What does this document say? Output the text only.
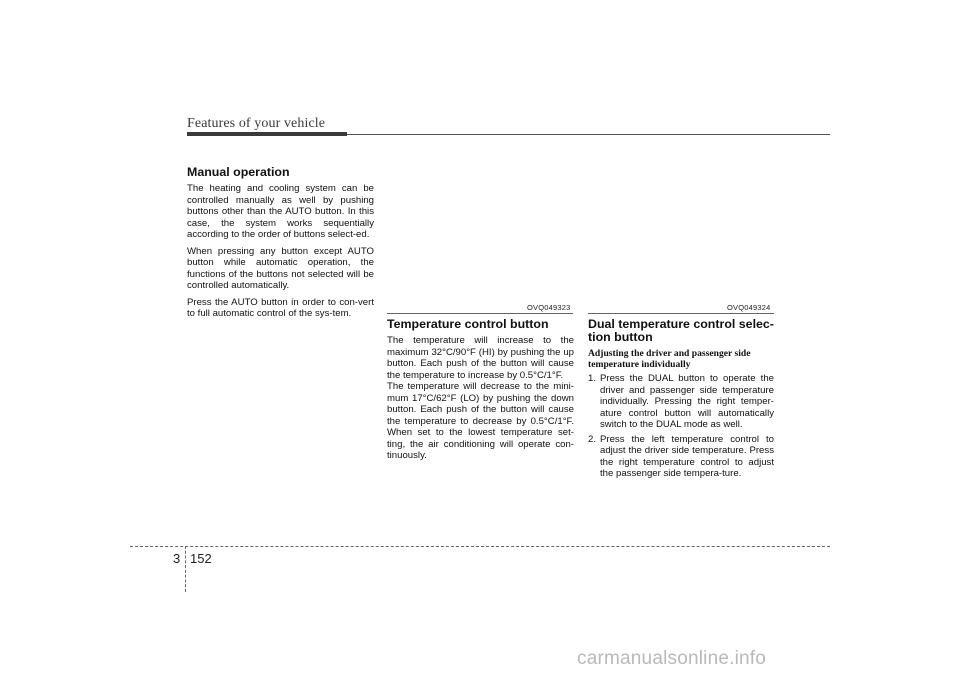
Features of your vehicle
Manual operation

The heating and cooling system can be controlled manually as well by pushing buttons other than the AUTO button. In this case, the system works sequentially according to the order of buttons select-ed.

When pressing any button except AUTO button while automatic operation, the functions of the buttons not selected will be controlled automatically.

Press the AUTO button in order to con-vert to full automatic control of the sys-tem.

OVQ049323	OVQ049324
Temperature control button

The temperature will increase to the maximum 32°C/90°F (HI) by pushing the up button. Each push of the button will cause the temperature to increase by 0.5°C/1°F.

The temperature will decrease to the mini-mum 17°C/62°F (LO) by pushing the down button. Each push of the button will cause the temperature to decrease by 0.5°C/1°F. When set to the lowest temperature set-ting, the air conditioning will operate con-tinuously.

Dual temperature control selec-tion button
Adjusting the driver and passenger side temperature individually
1. Press the DUAL button to operate the driver and passenger side temperature individually. Pressing the right temper-ature control button will automatically switch to the DUAL mode as well.
2. Press the left temperature control to adjust the driver side temperature. Press the right temperature control to adjust the passenger side tempera-ture.
3 152
carmanualsonline.info
